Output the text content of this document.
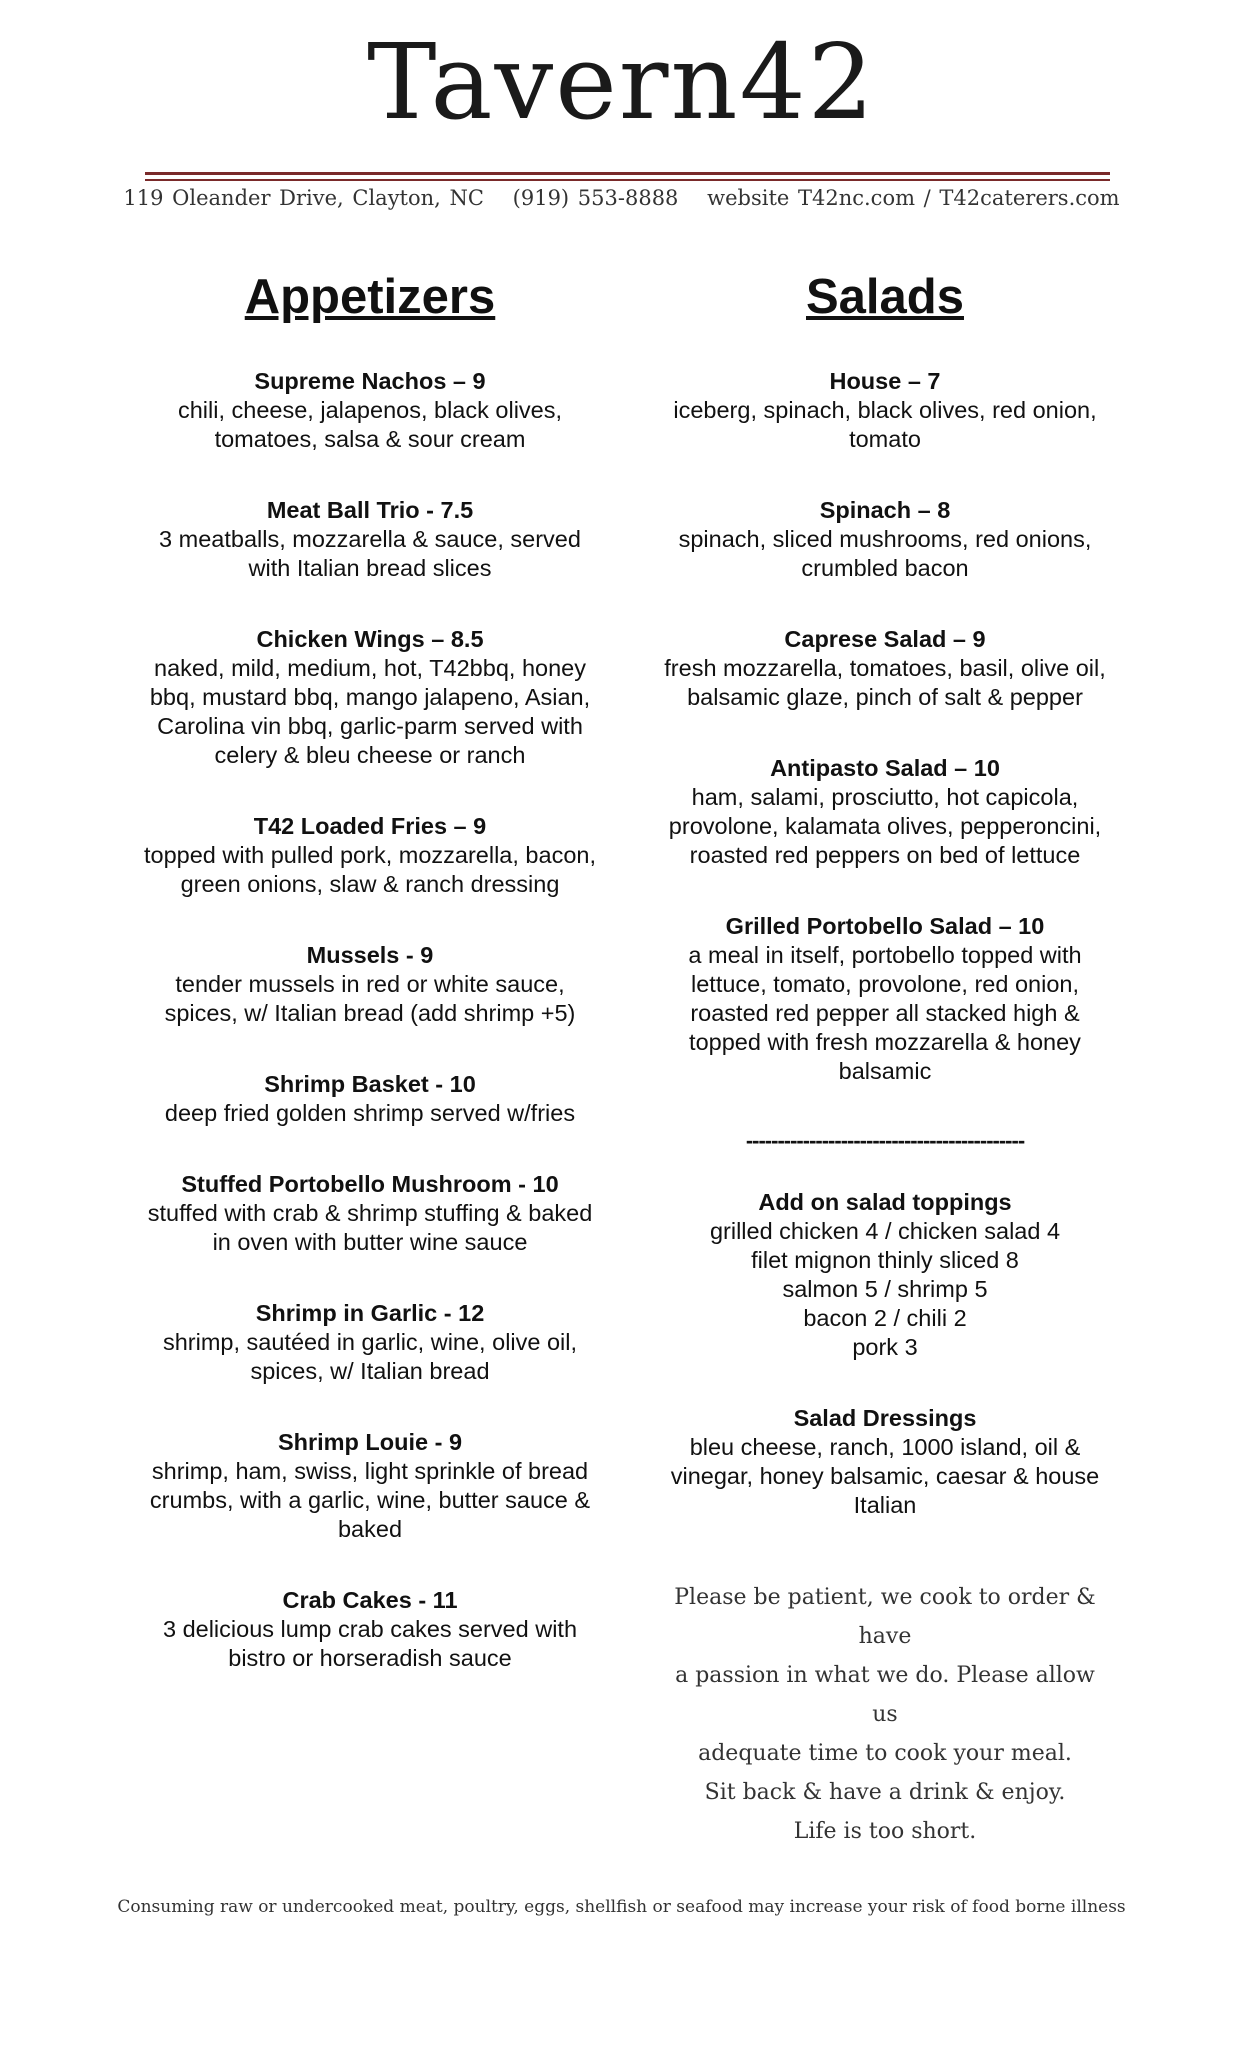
Tavern42
119 Oleander Drive, Clayton, NC (919) 553-8888 website T42nc.com / T42caterers.com
Appetizers
Supreme Nachos – 9
chili, cheese, jalapenos, black olives, tomatoes, salsa & sour cream
Meat Ball Trio - 7.5
3 meatballs, mozzarella & sauce, served with Italian bread slices
Chicken Wings – 8.5
naked, mild, medium, hot, T42bbq, honey bbq, mustard bbq, mango jalapeno, Asian, Carolina vin bbq, garlic-parm served with celery & bleu cheese or ranch
T42 Loaded Fries – 9
topped with pulled pork, mozzarella, bacon, green onions, slaw & ranch dressing
Mussels - 9
tender mussels in red or white sauce, spices, w/ Italian bread (add shrimp +5)
Shrimp Basket - 10
deep fried golden shrimp served w/fries
Stuffed Portobello Mushroom - 10
stuffed with crab & shrimp stuffing & baked in oven with butter wine sauce
Shrimp in Garlic - 12
shrimp, sautéed in garlic, wine, olive oil, spices, w/ Italian bread
Shrimp Louie - 9
shrimp, ham, swiss, light sprinkle of bread crumbs, with a garlic, wine, butter sauce & baked
Crab Cakes - 11
3 delicious lump crab cakes served with bistro or horseradish sauce
Salads
House – 7
iceberg, spinach, black olives, red onion, tomato
Spinach – 8
spinach, sliced mushrooms, red onions, crumbled bacon
Caprese Salad – 9
fresh mozzarella, tomatoes, basil, olive oil, balsamic glaze, pinch of salt & pepper
Antipasto Salad – 10
ham, salami, prosciutto, hot capicola, provolone, kalamata olives, pepperoncini, roasted red peppers on bed of lettuce
Grilled Portobello Salad – 10
a meal in itself, portobello topped with lettuce, tomato, provolone, red onion, roasted red pepper all stacked high & topped with fresh mozzarella & honey balsamic
--------------------------------------------
Add on salad toppings
grilled chicken 4 / chicken salad 4
filet mignon thinly sliced 8
salmon 5 / shrimp 5
bacon 2 / chili 2
pork 3
Salad Dressings
bleu cheese, ranch, 1000 island, oil & vinegar, honey balsamic, caesar & house Italian
Please be patient, we cook to order & have
a passion in what we do. Please allow us
adequate time to cook your meal.
Sit back & have a drink & enjoy.
Life is too short.
Consuming raw or undercooked meat, poultry, eggs, shellfish or seafood may increase your risk of food borne illness
